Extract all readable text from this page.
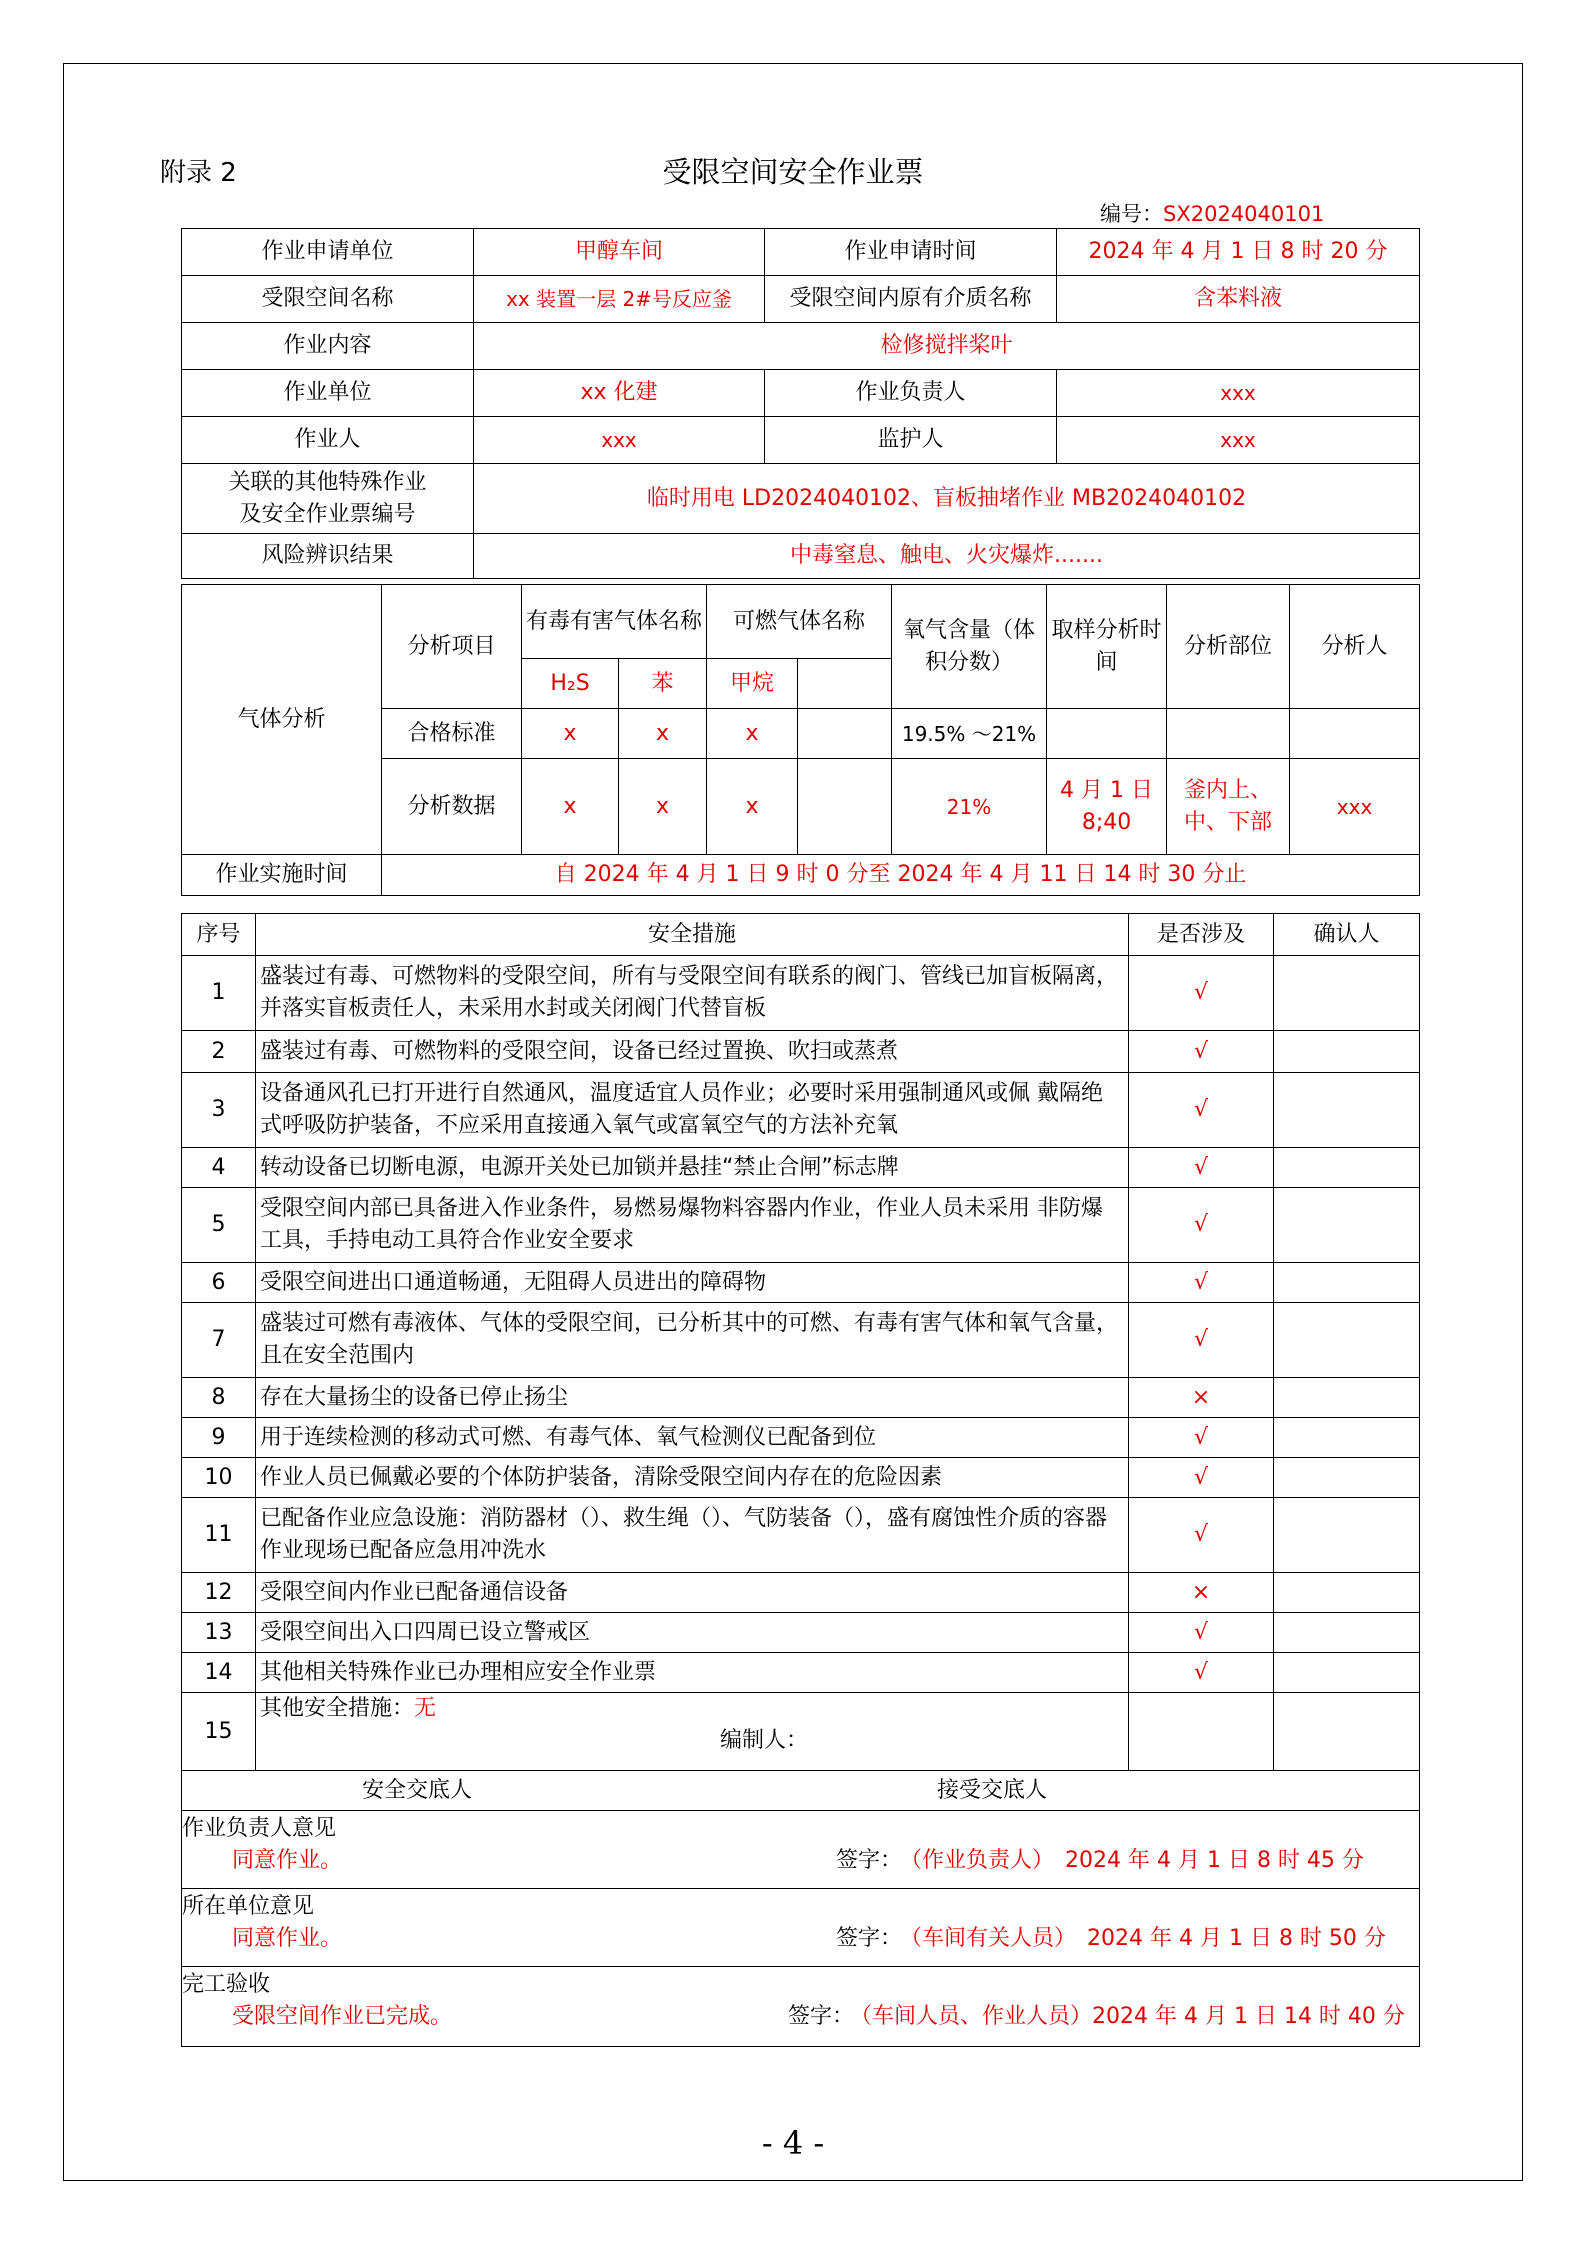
附录 2	受限空间安全作业票
编号：SX2024040101
作业申请单位	甲醇车间	作业申请时间	2024 年 4 月 1 日 8 时 20 分
受限空间名称	xx 装置一层 2#号反应釜	受限空间内原有介质名称	含苯料液
作业内容	检修搅拌桨叶		
作业单位	xx 化建	作业负责人	xxx
作业人	xxx	监护人	xxx

关联的其他特殊作业
及安全作业票编号	临时用电 LD2024040102、盲板抽堵作业 MB2024040102		
风险辨识结果	中毒窒息、触电、火灾爆炸.......		
气体分析	分析项目	有毒有害气体名称		可燃气体名称		氧气含量（体积分数）	取样分析时间	分析部位	分析人
		H₂S	苯	甲烷					
	合格标准	x	x	x		19.5% ～21%			
	分析数据	x	x	x		21%	4 月 1 日 8;40	釜内上、中、下部	xxx
作业实施时间	自 2024 年 4 月 1 日 9 时 0 分至 2024 年 4 月 11 日 14 时 30 分止								
序号	安全措施	是否涉及	确认人
1	盛装过有毒、可燃物料的受限空间，所有与受限空间有联系的阀门、管线已加盲板隔离，并落实盲板责任人，未采用水封或关闭阀门代替盲板	√	
2	盛装过有毒、可燃物料的受限空间，设备已经过置换、吹扫或蒸煮	√	
3	设备通风孔已打开进行自然通风，温度适宜人员作业；必要时采用强制通风或佩 戴隔绝式呼吸防护装备，不应采用直接通入氧气或富氧空气的方法补充氧	√	
4	转动设备已切断电源，电源开关处已加锁并悬挂“禁止合闸”标志牌	√	
5	受限空间内部已具备进入作业条件，易燃易爆物料容器内作业，作业人员未采用 非防爆工具，手持电动工具符合作业安全要求	√	
6	受限空间进出口通道畅通，无阻碍人员进出的障碍物	√	
7	盛装过可燃有毒液体、气体的受限空间，已分析其中的可燃、有毒有害气体和氧气含量，且在安全范围内	√	
8	存在大量扬尘的设备已停止扬尘	×	
9	用于连续检测的移动式可燃、有毒气体、氧气检测仪已配备到位	√	
10	作业人员已佩戴必要的个体防护装备，清除受限空间内存在的危险因素	√	
11	已配备作业应急设施：消防器材（）、救生绳（）、气防装备（），盛有腐蚀性介质的容器作业现场已配备应急用冲洗水	√	
12	受限空间内作业已配备通信设备	×	
13	受限空间出入口四周已设立警戒区	√	
14	其他相关特殊作业已办理相应安全作业票	√	
15	其他安全措施：无
编制人：		

安全交底人 接受交底人			

作业负责人意见
同意作业。 签字：
（作业负责人）　2024 年 4 月 1 日 8 时 45 分			

所在单位意见
同意作业。 签字：
（车间有关人员）　2024 年 4 月 1 日 8 时 50 分			

完工验收
受限空间作业已完成。 签字：
（车间人员、作业人员）2024 年 4 月 1 日 14 时 40 分			
- 4 -
